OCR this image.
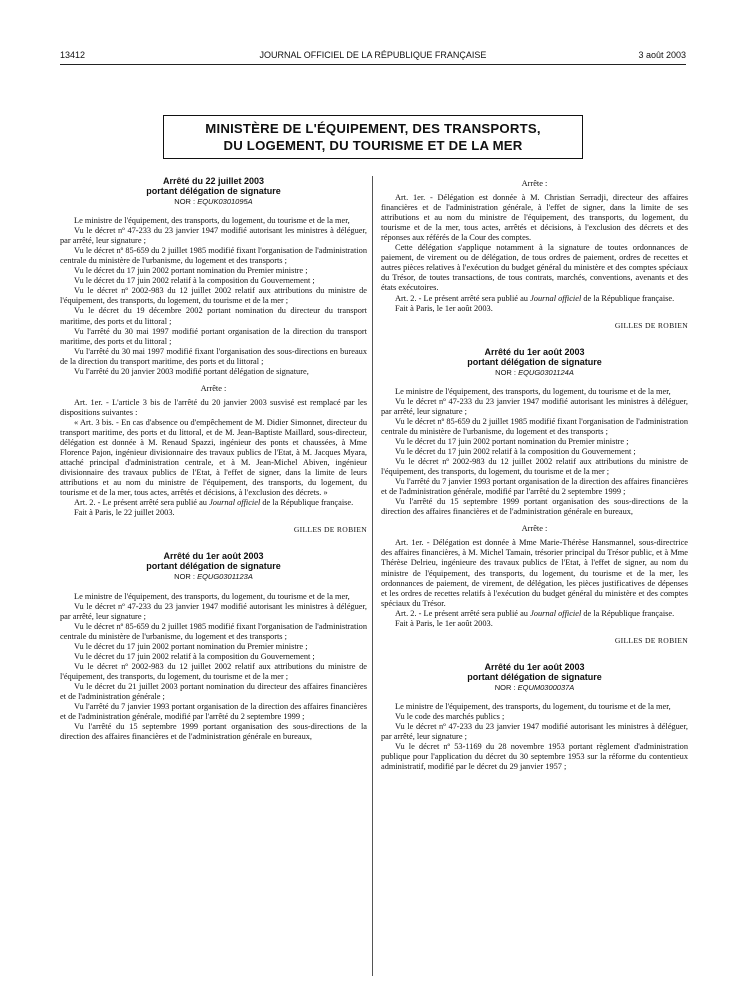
13412	JOURNAL OFFICIEL DE LA RÉPUBLIQUE FRANÇAISE	3 août 2003
MINISTÈRE DE L'ÉQUIPEMENT, DES TRANSPORTS,
DU LOGEMENT, DU TOURISME ET DE LA MER
Arrêté du 22 juillet 2003
portant délégation de signature
NOR : EQUK0301095A

Le ministre de l'équipement, des transports, du logement, du tourisme et de la mer,

Vu le décret nº 47-233 du 23 janvier 1947 modifié autorisant les ministres à déléguer, par arrêté, leur signature ;

Vu le décret nº 85-659 du 2 juillet 1985 modifié fixant l'organisation de l'administration centrale du ministère de l'urbanisme, du logement et des transports ;

Vu le décret du 17 juin 2002 portant nomination du Premier ministre ;

Vu le décret du 17 juin 2002 relatif à la composition du Gouvernement ;

Vu le décret nº 2002-983 du 12 juillet 2002 relatif aux attributions du ministre de l'équipement, des transports, du logement, du tourisme et de la mer ;

Vu le décret du 19 décembre 2002 portant nomination du directeur du transport maritime, des ports et du littoral ;

Vu l'arrêté du 30 mai 1997 modifié portant organisation de la direction du transport maritime, des ports et du littoral ;

Vu l'arrêté du 30 mai 1997 modifié fixant l'organisation des sous-directions en bureaux de la direction du transport maritime, des ports et du littoral ;

Vu l'arrêté du 20 janvier 2003 modifié portant délégation de signature,

Arrête :

Art. 1er. - L'article 3 bis de l'arrêté du 20 janvier 2003 susvisé est remplacé par les dispositions suivantes :

« Art. 3 bis. - En cas d'absence ou d'empêchement de M. Didier Simonnet, directeur du transport maritime, des ports et du littoral, et de M. Jean-Baptiste Maillard, sous-directeur, délégation est donnée à M. Renaud Spazzi, ingénieur des ponts et chaussées, à Mme Florence Pajon, ingénieur divisionnaire des travaux publics de l'Etat, à M. Jacques Myara, attaché principal d'administration centrale, et à M. Jean-Michel Abiven, ingénieur divisionnaire des travaux publics de l'Etat, à l'effet de signer, dans la limite de leurs attributions et au nom du ministre de l'équipement, des transports, du logement, du tourisme et de la mer, tous actes, arrêtés et décisions, à l'exclusion des décrets. »

Art. 2. - Le présent arrêté sera publié au Journal officiel de la République française.

Fait à Paris, le 22 juillet 2003.

GILLES DE ROBIEN
Arrêté du 1er août 2003
portant délégation de signature
NOR : EQUG0301123A

Le ministre de l'équipement, des transports, du logement, du tourisme et de la mer,

Vu le décret nº 47-233 du 23 janvier 1947 modifié autorisant les ministres à déléguer, par arrêté, leur signature ;

Vu le décret nº 85-659 du 2 juillet 1985 modifié fixant l'organisation de l'administration centrale du ministère de l'urbanisme, du logement et des transports ;

Vu le décret du 17 juin 2002 portant nomination du Premier ministre ;

Vu le décret du 17 juin 2002 relatif à la composition du Gouvernement ;

Vu le décret nº 2002-983 du 12 juillet 2002 relatif aux attributions du ministre de l'équipement, des transports, du logement, du tourisme et de la mer ;

Vu le décret du 21 juillet 2003 portant nomination du directeur des affaires financières et de l'administration générale ;

Vu l'arrêté du 7 janvier 1993 portant organisation de la direction des affaires financières et de l'administration générale, modifié par l'arrêté du 2 septembre 1999 ;

Vu l'arrêté du 15 septembre 1999 portant organisation des sous-directions de la direction des affaires financières et de l'administration générale en bureaux,

Arrête :

Art. 1er. - Délégation est donnée à M. Christian Serradji, directeur des affaires financières et de l'administration générale, à l'effet de signer, dans la limite de ses attributions et au nom du ministre de l'équipement, des transports, du logement, du tourisme et de la mer, tous actes, arrêtés et décisions, à l'exclusion des décrets et des réponses aux référés de la Cour des comptes.

Cette délégation s'applique notamment à la signature de toutes ordonnances de paiement, de virement ou de délégation, de tous ordres de paiement, ordres de recettes et autres pièces relatives à l'exécution du budget général du ministère et des comptes spéciaux du Trésor, de toutes transactions, de tous contrats, marchés, conventions, avenants et des états exécutoires.

Art. 2. - Le présent arrêté sera publié au Journal officiel de la République française.

Fait à Paris, le 1er août 2003.

GILLES DE ROBIEN
Arrêté du 1er août 2003
portant délégation de signature
NOR : EQUG0301124A

Le ministre de l'équipement, des transports, du logement, du tourisme et de la mer,

Vu le décret nº 47-233 du 23 janvier 1947 modifié autorisant les ministres à déléguer, par arrêté, leur signature ;

Vu le décret nº 85-659 du 2 juillet 1985 modifié fixant l'organisation de l'administration centrale du ministère de l'urbanisme, du logement et des transports ;

Vu le décret du 17 juin 2002 portant nomination du Premier ministre ;

Vu le décret du 17 juin 2002 relatif à la composition du Gouvernement ;

Vu le décret nº 2002-983 du 12 juillet 2002 relatif aux attributions du ministre de l'équipement, des transports, du logement, du tourisme et de la mer ;

Vu l'arrêté du 7 janvier 1993 portant organisation de la direction des affaires financières et de l'administration générale, modifié par l'arrêté du 2 septembre 1999 ;

Vu l'arrêté du 15 septembre 1999 portant organisation des sous-directions de la direction des affaires financières et de l'administration générale en bureaux,

Arrête :

Art. 1er. - Délégation est donnée à Mme Marie-Thérèse Hansmannel, sous-directrice des affaires financières, à M. Michel Tamain, trésorier principal du Trésor public, et à Mme Thérèse Delrieu, ingénieure des travaux publics de l'Etat, à l'effet de signer, au nom du ministre de l'équipement, des transports, du logement, du tourisme et de la mer, les ordonnances de paiement, de virement, de délégation, les pièces justificatives de dépenses et les ordres de recettes relatifs à l'exécution du budget général du ministère et des comptes spéciaux du Trésor.

Art. 2. - Le présent arrêté sera publié au Journal officiel de la République française.

Fait à Paris, le 1er août 2003.

GILLES DE ROBIEN
Arrêté du 1er août 2003
portant délégation de signature
NOR : EQUM0300037A

Le ministre de l'équipement, des transports, du logement, du tourisme et de la mer,

Vu le code des marchés publics ;

Vu le décret nº 47-233 du 23 janvier 1947 modifié autorisant les ministres à déléguer, par arrêté, leur signature ;

Vu le décret nº 53-1169 du 28 novembre 1953 portant règlement d'administration publique pour l'application du décret du 30 septembre 1953 sur la réforme du contentieux administratif, modifié par le décret du 29 janvier 1957 ;
